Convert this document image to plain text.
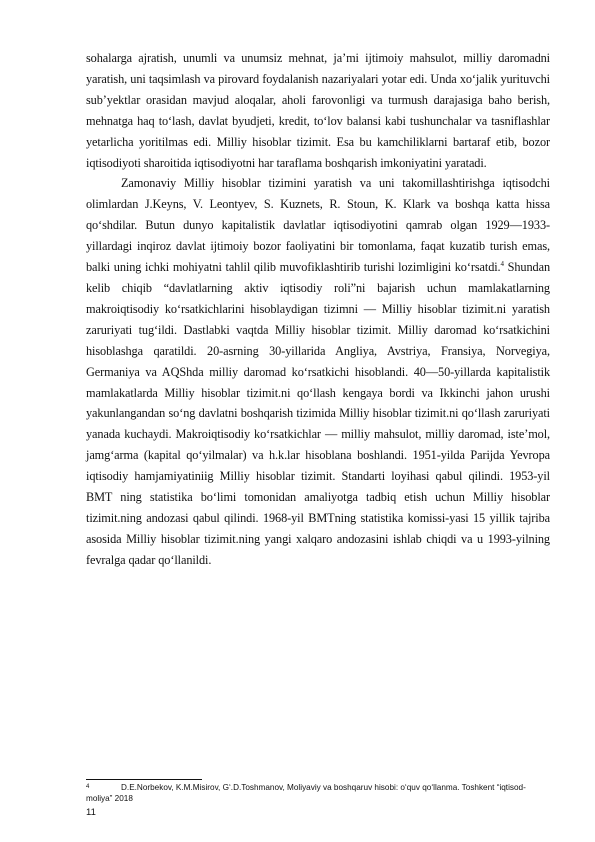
sohalarga ajratish, unumli va unumsiz mehnat, ja’mi ijtimoiy mahsulot, milliy daromadni yaratish, uni taqsimlash va pirovard foydalanish nazariyalari yotar edi. Unda xo‘jalik yurituvchi sub’yektlar orasidan mavjud aloqalar, aholi farovonligi va turmush darajasiga baho berish, mehnatga haq to‘lash, davlat byudjeti, kredit, to‘lov balansi kabi tushunchalar va tasniflashlar yetarlicha yoritilmas edi. Milliy hisoblar tizimit. Esa bu kamchiliklarni bartaraf etib, bozor iqtisodiyoti sharoitida iqtisodiyotni har taraflama boshqarish imkoniyatini yaratadi.

Zamonaviy Milliy hisoblar tizimini yaratish va uni takomillashtirishga iqtisodchi olimlardan J.Keyns, V. Leontyev, S. Kuznets, R. Stoun, K. Klark va boshqa katta hissa qo‘shdilar. Butun dunyo kapitalistik davlatlar iqtisodiyotini qamrab olgan 1929—1933-yillardagi inqiroz davlat ijtimoiy bozor faoliyatini bir tomonlama, faqat kuzatib turish emas, balki uning ichki mohiyatni tahlil qilib muvofiklashtirib turishi lozimligini ko‘rsatdi.$^4$ Shundan kelib chiqib “davlatlarning aktiv iqtisodiy roli”ni bajarish uchun mamlakatlarning makroiqtisodiy ko‘rsatkichlarini hisoblaydigan tizimni — Milliy hisoblar tizimit.ni yaratish zaruriyati tug‘ildi. Dastlabki vaqtda Milliy hisoblar tizimit. Milliy daromad ko‘rsatkichini hisoblashga qaratildi. 20-asrning 30-yillarida Angliya, Avstriya, Fransiya, Norvegiya, Germaniya va AQShda milliy daromad ko‘rsatkichi hisoblandi. 40—50-yillarda kapitalistik mamlakatlarda Milliy hisoblar tizimit.ni qo‘llash kengaya bordi va Ikkinchi jahon urushi yakunlangandan so‘ng davlatni boshqarish tizimida Milliy hisoblar tizimit.ni qo‘llash zaruriyati yanada kuchaydi. Makroiqtisodiy ko‘rsatkichlar — milliy mahsulot, milliy daromad, iste’mol, jamg‘arma (kapital qo‘yilmalar) va h.k.lar hisoblana boshlandi. 1951-yilda Parijda Yevropa iqtisodiy hamjamiyatiniig Milliy hisoblar tizimit. Standarti loyihasi qabul qilindi. 1953-yil BMT ning statistika bo‘limi tomonidan amaliyotga tadbiq etish uchun Milliy hisoblar tizimit.ning andozasi qabul qilindi. 1968-yil BMTning statistika komissi-yasi 15 yillik tajriba asosida Milliy hisoblar tizimit.ning yangi xalqaro andozasini ishlab chiqdi va u 1993-yilning fevralga qadar qo‘llanildi.

4	D.E.Norbekov, K.M.Misirov, G‘.D.Toshmanov, Moliyaviy va boshqaruv hisobi: o‘quv qo‘llanma. Toshkent “iqtisod-moliya” 2018
11
